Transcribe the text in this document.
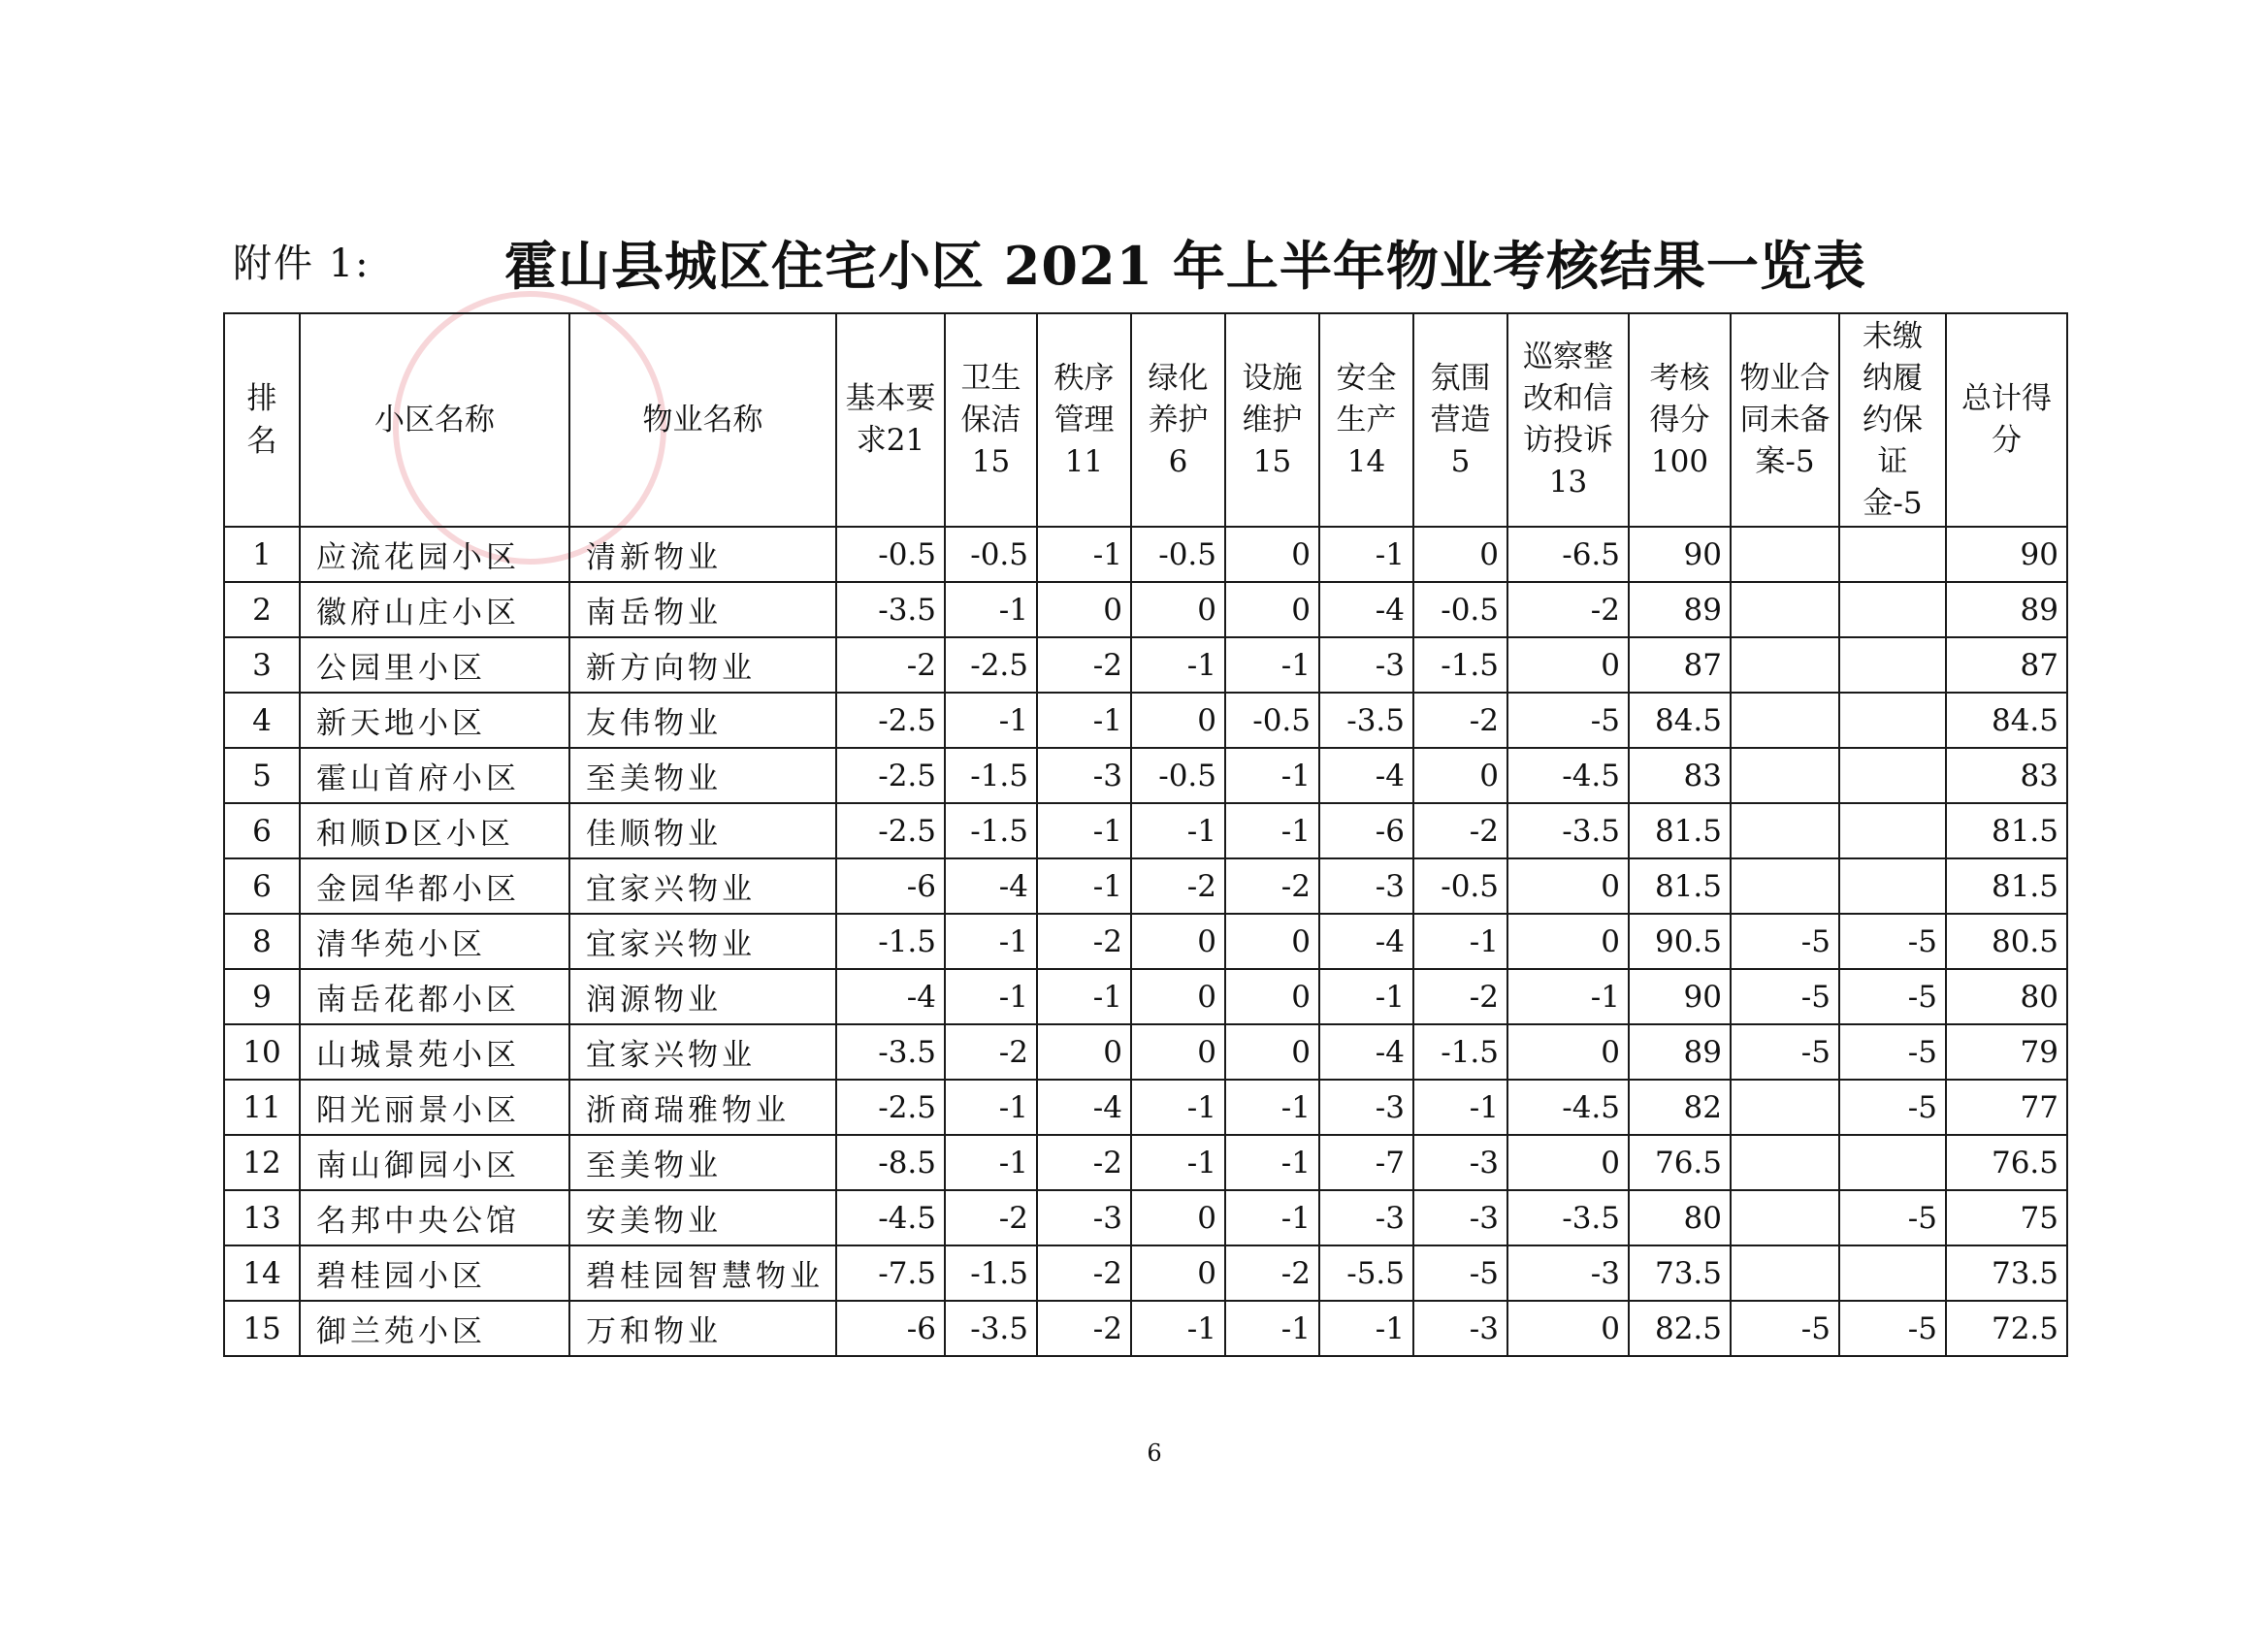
附件 1:	霍山县城区住宅小区 2021 年上半年物业考核结果一览表
排名	小区名称	物业名称	基本要求21	卫生保洁15	秩序管理11	绿化养护6	设施维护15	安全生产14	氛围营造5	巡察整改和信访投诉13	考核得分100	物业合同未备案-5	未缴纳履约保证金-5	总计得分
1	应流花园小区	清新物业	-0.5	-0.5	-1	-0.5	0	-1	0	-6.5	90			90
2	徽府山庄小区	南岳物业	-3.5	-1	0	0	0	-4	-0.5	-2	89			89
3	公园里小区	新方向物业	-2	-2.5	-2	-1	-1	-3	-1.5	0	87			87
4	新天地小区	友伟物业	-2.5	-1	-1	0	-0.5	-3.5	-2	-5	84.5			84.5
5	霍山首府小区	至美物业	-2.5	-1.5	-3	-0.5	-1	-4	0	-4.5	83			83
6	和顺D区小区	佳顺物业	-2.5	-1.5	-1	-1	-1	-6	-2	-3.5	81.5			81.5
6	金园华都小区	宜家兴物业	-6	-4	-1	-2	-2	-3	-0.5	0	81.5			81.5
8	清华苑小区	宜家兴物业	-1.5	-1	-2	0	0	-4	-1	0	90.5	-5	-5	80.5
9	南岳花都小区	润源物业	-4	-1	-1	0	0	-1	-2	-1	90	-5	-5	80
10	山城景苑小区	宜家兴物业	-3.5	-2	0	0	0	-4	-1.5	0	89	-5	-5	79
11	阳光丽景小区	浙商瑞雅物业	-2.5	-1	-4	-1	-1	-3	-1	-4.5	82		-5	77
12	南山御园小区	至美物业	-8.5	-1	-2	-1	-1	-7	-3	0	76.5			76.5
13	名邦中央公馆	安美物业	-4.5	-2	-3	0	-1	-3	-3	-3.5	80		-5	75
14	碧桂园小区	碧桂园智慧物业	-7.5	-1.5	-2	0	-2	-5.5	-5	-3	73.5			73.5
15	御兰苑小区	万和物业	-6	-3.5	-2	-1	-1	-1	-3	0	82.5	-5	-5	72.5
6
